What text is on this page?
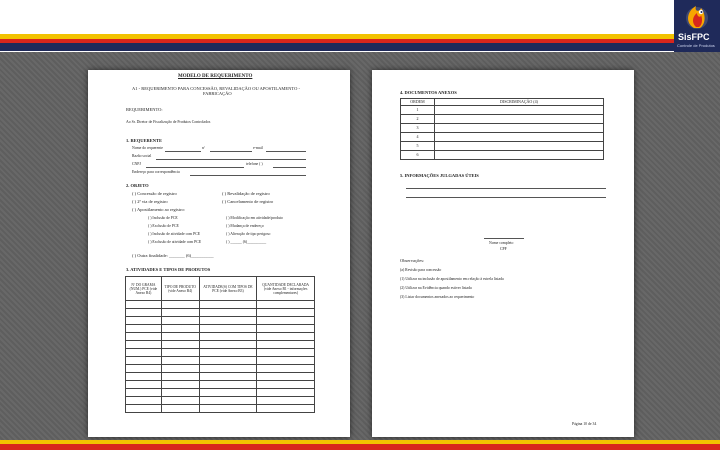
SisFPC
Controle de Produtos
MODELO DE REQUERIMENTO
A1 - REQUERIMENTO PARA CONCESSÃO, REVALIDAÇÃO OU APOSTILAMENTO -
FABRICAÇÃO
REQUERIMENTO:
Ao Sr. Diretor de Fiscalização de Produtos Controlados
1. REQUERENTE
Nome do requerente	nº	e-mail
Razão social
CNPJ	telefone ( )
Endereço para correspondência
2. OBJETO
( ) Concessão de registro	( ) Revalidação de registro
( ) 2ª via de registro	( ) Cancelamento de registro
( ) Apostilamento ao registro:
( ) Inclusão de PCE	( ) Modificação em atividade/produto
( ) Exclusão de PCE	( ) Mudança de endereço
( ) Inclusão de atividade com PCE	( ) Alteração de tipo perigoso
( ) Exclusão de atividade com PCE	( ) ______ (6)__________
( ) Outra finalidade: _______ (6)__________
3. ATIVIDADES E TIPOS DE PRODUTOS
Nº DO GRAMA (NUM.) PCE (vide Anexo B4)	TIPO DE PRODUTO (vide Anexo B4)	ATIVIDADE(S) COM TIPOS DE PCE (vide Anexo B3)	QUANTIDADE DECLARADA (vide Anexo B1 - informações complementares)

4. DOCUMENTOS ANEXOS
ORDEM	DISCRIMINAÇÃO (4)
1	
2	
3	
4	
5	
6	
5. INFORMAÇÕES JULGADAS ÚTEIS
Nome completo
CPF
Observações:
(a) Revisão para concessão
(1) Utilizar na inclusão de apostilamento em relação à estrela listada
(2) Utilizar na Evidência quando estiver listada
(3) Listar documentos anexados ao requerimento
Página 10 de 34
